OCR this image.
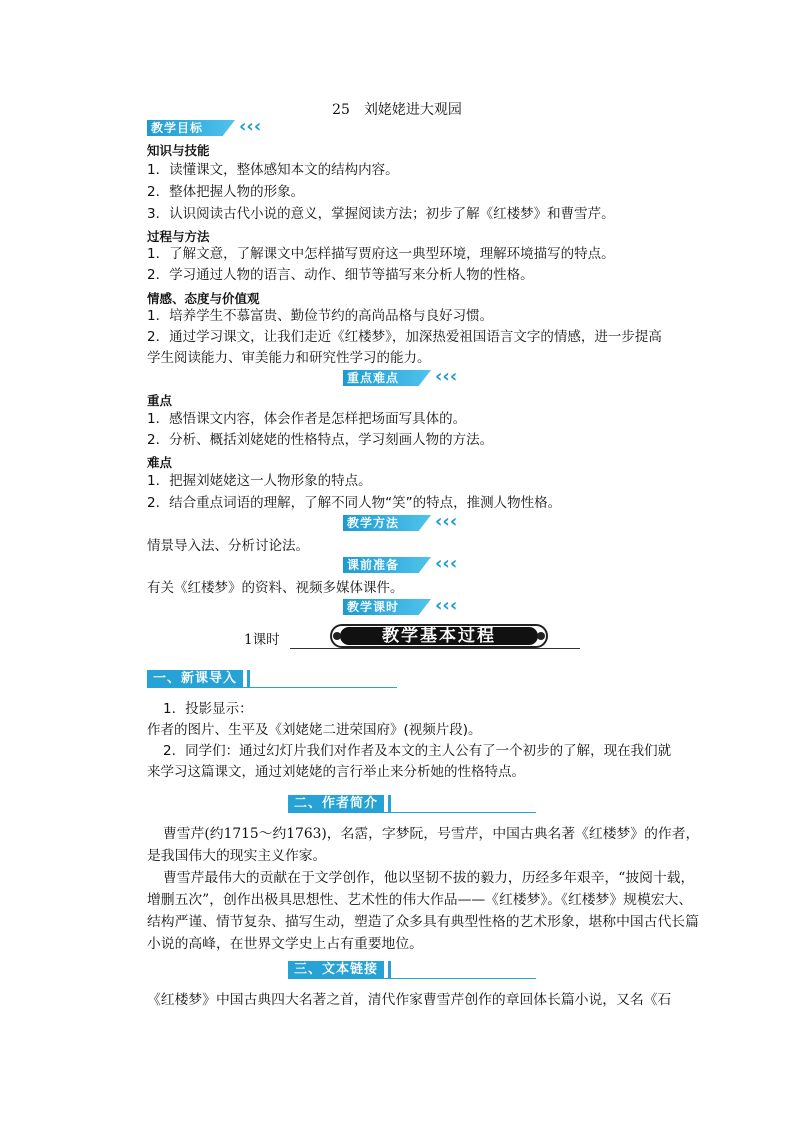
25　刘姥姥进大观园
教学目标 ‹‹‹
知识与技能
1．读懂课文，整体感知本文的结构内容。
2．整体把握人物的形象。
3．认识阅读古代小说的意义，掌握阅读方法；初步了解《红楼梦》和曹雪芹。
过程与方法
1．了解文意，了解课文中怎样描写贾府这一典型环境，理解环境描写的特点。
2．学习通过人物的语言、动作、细节等描写来分析人物的性格。
情感、态度与价值观
1．培养学生不慕富贵、勤俭节约的高尚品格与良好习惯。
2．通过学习课文，让我们走近《红楼梦》，加深热爱祖国语言文字的情感，进一步提高
学生阅读能力、审美能力和研究性学习的能力。
重点难点 ‹‹‹
重点
1．感悟课文内容，体会作者是怎样把场面写具体的。
2．分析、概括刘姥姥的性格特点，学习刻画人物的方法。
难点
1．把握刘姥姥这一人物形象的特点。
2．结合重点词语的理解，了解不同人物“笑”的特点，推测人物性格。
教学方法 ‹‹‹
情景导入法、分析讨论法。
课前准备 ‹‹‹
有关《红楼梦》的资料、视频多媒体课件。
教学课时 ‹‹‹
1课时	教学基本过程
一、新课导入
1．投影显示：
作者的图片、生平及《刘姥姥二进荣国府》(视频片段)。
2．同学们：通过幻灯片我们对作者及本文的主人公有了一个初步的了解，现在我们就
来学习这篇课文，通过刘姥姥的言行举止来分析她的性格特点。
二、作者简介
曹雪芹(约1715～约1763)，名霑，字梦阮，号雪芹，中国古典名著《红楼梦》的作者，
是我国伟大的现实主义作家。
曹雪芹最伟大的贡献在于文学创作，他以坚韧不拔的毅力，历经多年艰辛，“披阅十载，
增删五次”，创作出极具思想性、艺术性的伟大作品——《红楼梦》。《红楼梦》规模宏大、
结构严谨、情节复杂、描写生动，塑造了众多具有典型性格的艺术形象，堪称中国古代长篇
小说的高峰，在世界文学史上占有重要地位。
三、文本链接
《红楼梦》中国古典四大名著之首，清代作家曹雪芹创作的章回体长篇小说，又名《石
